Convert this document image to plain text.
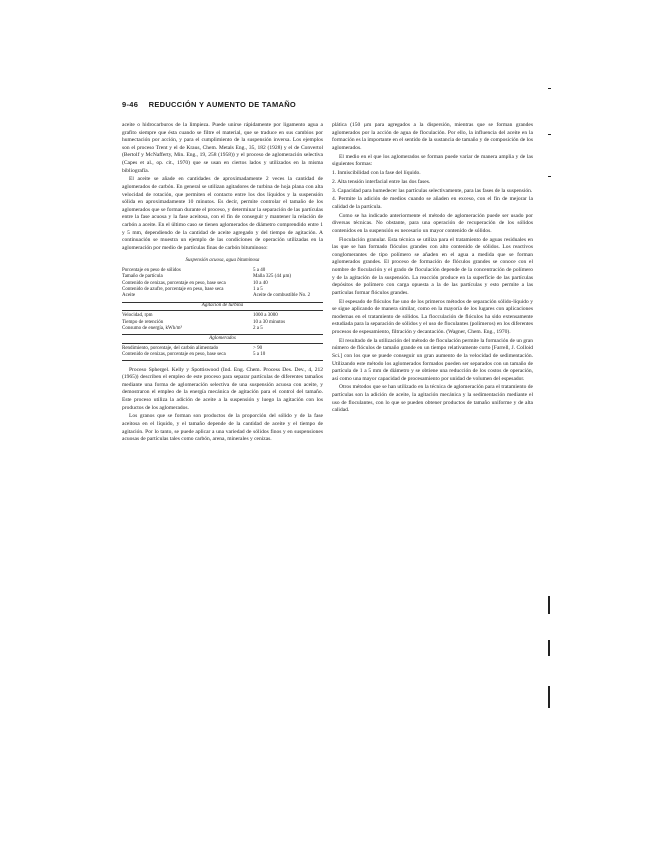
9-46 REDUCCIÓN Y AUMENTO DE TAMAÑO

aceite o hidrocarburos de la limpieza. Puede unirse rápidamente por ligamento agua a grafito siempre que ésta cuando se filtre el material, que se traduce en sus cambios por humectación por acción, y para el cumplimiento de la suspensión inversa. Los ejemplos son el proceso Trent y el de Kraus, Chem. Metals Eng., 35, 182 (1928) y el de Convertol (Bertolf y McNafferty, Min. Eng., 19, 258 (1958)) y el proceso de aglomeración selectiva (Capes et al., op. cit., 1970) que se usan en ciertos lados y utilizados en la misma bibliografía.

El aceite se añade en cantidades de aproximadamente 2 veces la cantidad de aglomerados de carbón. En general se utilizan agitadores de turbina de hoja plana con alta velocidad de rotación, que permiten el contacto entre los dos líquidos y la suspensión sólida en aproximadamente 10 minutos. Es decir, permite controlar el tamaño de los aglomerados que se forman durante el proceso, y determinar la separación de las partículas entre la fase acuosa y la fase aceitosa, con el fin de conseguir y mantener la relación de carbón a aceite. En el último caso se tienen aglomerados de diámetro comprendido entre 1 y 5 mm, dependiendo de la cantidad de aceite agregado y del tiempo de agitación. A continuación se muestra un ejemplo de las condiciones de operación utilizadas en la aglomeración por medio de partículas finas de carbón bituminoso:

Suspensión acuosa, agua bituminosa
Porcentaje en peso de sólidos	5 a 40
Tamaño de partícula	Malla 325 (44 µm)
Contenido de cenizas, porcentaje en peso, base seca	10 a 40
Contenido de azufre, porcentaje en peso, base seca	1 a 5
Aceite	Aceite de combustible No. 2
Agitación de turbina
Velocidad, rpm	1000 a 3000
Tiempo de retención	10 a 30 minutos
Consumo de energía, kWh/m³	2 a 5
Aglomerados
Rendimiento, porcentaje, del carbón alimentado	> 90
Contenido de cenizas, porcentaje en peso, base seca	5 a 10

Proceso Sphergel. Kelly y Spottiswood (Ind. Eng. Chem. Process Des. Dev., 4, 212 (1965)) describen el empleo de este proceso para separar partículas de diferentes tamaños mediante una forma de aglomeración selectiva de una suspensión acuosa con aceite, y demostraron el empleo de la energía mecánica de agitación para el control del tamaño. Este proceso utiliza la adición de aceite a la suspensión y luego la agitación con los productos de los aglomerados.

Los granos que se forman son productos de la proporción del sólido y de la fase aceitosa en el líquido, y el tamaño depende de la cantidad de aceite y el tiempo de agitación. Por lo tanto, se puede aplicar a una variedad de sólidos finos y en suspensiones acuosas de partículas tales como carbón, arena, minerales y cenizas.

plática (150 µm para agregados a la dispersión, mientras que se forman grandes aglomerados por la acción de agua de floculación. Por ello, la influencia del aceite en la formación es la importante en el sentido de la sustancia de tamaño y de composición de los aglomerados.

El medio en el que los aglomerados se forman puede variar de manera amplia y de las siguientes formas:

1. Inmiscibilidad con la fase del líquido.

2. Alta tensión interfacial entre las dos fases.

3. Capacidad para humedecer las partículas selectivamente, para las fases de la suspensión.

4. Permite la adición de medios cuando se añaden en exceso, con el fin de mejorar la calidad de la partícula.

Como se ha indicado anteriormente el método de aglomeración puede ser usado por diversas técnicas. No obstante, para una operación de recuperación de los sólidos contenidos en la suspensión es necesario un mayor contenido de sólidos.

Floculación granular. Esta técnica se utiliza para el tratamiento de aguas residuales en las que se han formado flóculos grandes con alto contenido de sólidos. Los reactivos conglomerantes de tipo polímero se añaden en el agua a medida que se forman aglomerados grandes. El proceso de formación de flóculos grandes se conoce con el nombre de floculación y el grado de floculación depende de la concentración de polímero y de la agitación de la suspensión. La reacción produce en la superficie de las partículas depósitos de polímero con carga opuesta a la de las partículas y esto permite a las partículas formar flóculos grandes.

El espesado de flóculos fue uno de los primeros métodos de separación sólido-líquido y se sigue aplicando de manera similar, como en la mayoría de los lugares con aplicaciones modernas en el tratamiento de sólidos. La flocculación de flóculos ha sido extensamente estudiada para la separación de sólidos y el uso de floculantes (polímeros) en los diferentes procesos de espesamiento, filtración y decantación. (Wagner, Chem. Eng., 1970).

El resultado de la utilización del método de floculación permite la formación de un gran número de flóculos de tamaño grande en un tiempo relativamente corto [Farrell, J. Colloid Sci.] con los que se puede conseguir un gran aumento de la velocidad de sedimentación. Utilizando este método los aglomerados formados pueden ser separados con un tamaño de partícula de 1 a 5 mm de diámetro y se obtiene una reducción de los costos de operación, así como una mayor capacidad de procesamiento por unidad de volumen del espesador.

Otros métodos que se han utilizado en la técnica de aglomeración para el tratamiento de partículas son la adición de aceite, la agitación mecánica y la sedimentación mediante el uso de floculantes, con lo que se pueden obtener productos de tamaño uniforme y de alta calidad.
